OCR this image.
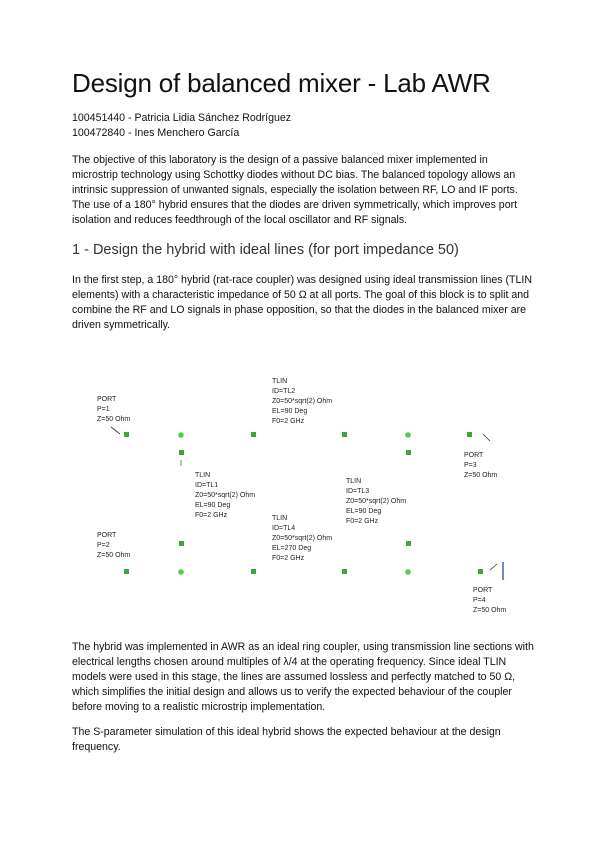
Design of balanced mixer - Lab AWR
100451440 - Patricia Lidia Sánchez Rodríguez
100472840 - Ines Menchero García

The objective of this laboratory is the design of a passive balanced mixer implemented in microstrip technology using Schottky diodes without DC bias. The balanced topology allows an intrinsic suppression of unwanted signals, especially the isolation between RF, LO and IF ports. The use of a 180° hybrid ensures that the diodes are driven symmetrically, which improves port isolation and reduces feedthrough of the local oscillator and RF signals.

1 - Design the hybrid with ideal lines (for port impedance 50)

In the first step, a 180° hybrid (rat-race coupler) was designed using ideal transmission lines (TLIN elements) with a characteristic impedance of 50 Ω at all ports. The goal of this block is to split and combine the RF and LO signals in phase opposition, so that the diodes in the balanced mixer are driven symmetrically.

PORT
P=1
Z=50 Ohm
TLIN
ID=TL2
Z0=50*sqrt(2) Ohm
EL=90 Deg
F0=2 GHz
PORT
P=3
Z=50 Ohm
TLIN
ID=TL1
Z0=50*sqrt(2) Ohm
EL=90 Deg
F0=2 GHz
TLIN
ID=TL3
Z0=50*sqrt(2) Ohm
EL=90 Deg
F0=2 GHz
TLIN
ID=TL4
Z0=50*sqrt(2) Ohm
EL=270 Deg
F0=2 GHz
PORT
P=2
Z=50 Ohm
PORT
P=4
Z=50 Ohm

The hybrid was implemented in AWR as an ideal ring coupler, using transmission line sections with electrical lengths chosen around multiples of λ/4 at the operating frequency. Since ideal TLIN models were used in this stage, the lines are assumed lossless and perfectly matched to 50 Ω, which simplifies the initial design and allows us to verify the expected behaviour of the coupler before moving to a realistic microstrip implementation.

The S-parameter simulation of this ideal hybrid shows the expected behaviour at the design frequency.
